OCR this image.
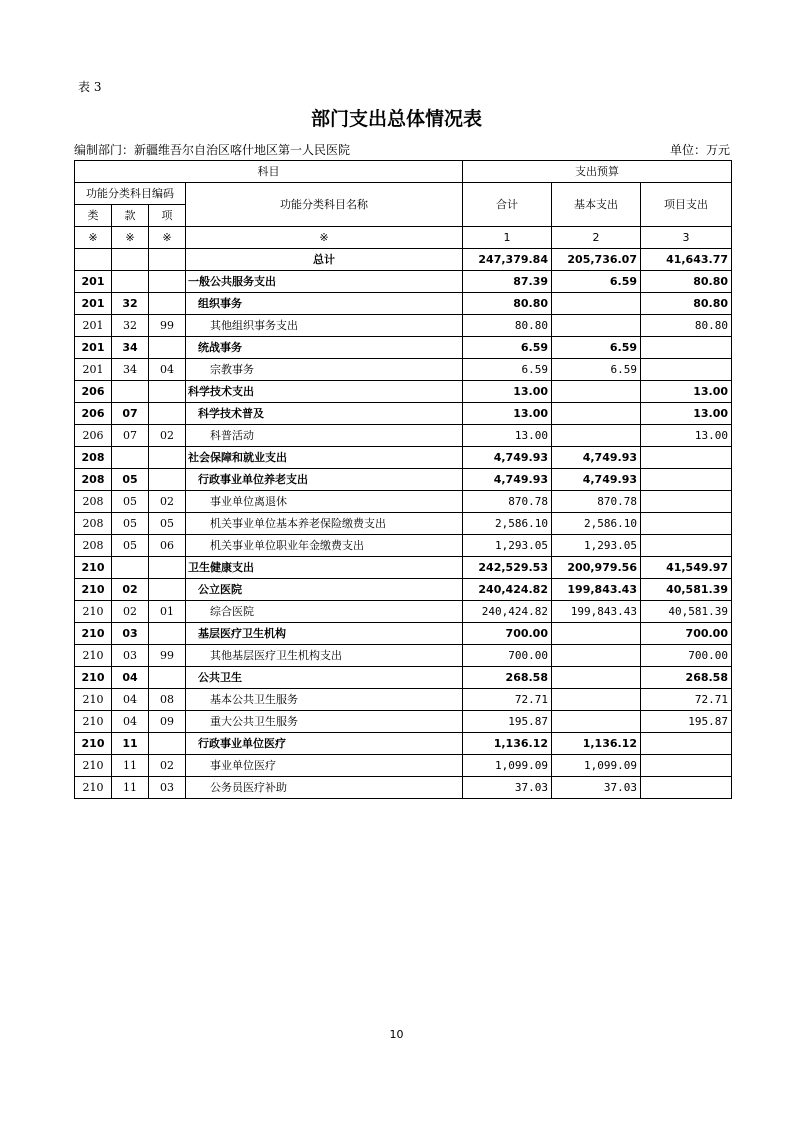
表 3
部门支出总体情况表
编制部门：新疆维吾尔自治区喀什地区第一人民医院	单位：万元
科目				支出预算		
功能分类科目编码			功能分类科目名称	合计	基本支出	项目支出
类	款	项				
※	※	※	※	1	2	3
			总计	247,379.84	205,736.07	41,643.77
201			一般公共服务支出	87.39	6.59	80.80
201	32		组织事务	80.80		80.80
201	32	99	其他组织事务支出	80.80		80.80
201	34		统战事务	6.59	6.59	
201	34	04	宗教事务	6.59	6.59	
206			科学技术支出	13.00		13.00
206	07		科学技术普及	13.00		13.00
206	07	02	科普活动	13.00		13.00
208			社会保障和就业支出	4,749.93	4,749.93	
208	05		行政事业单位养老支出	4,749.93	4,749.93	
208	05	02	事业单位离退休	870.78	870.78	
208	05	05	机关事业单位基本养老保险缴费支出	2,586.10	2,586.10	
208	05	06	机关事业单位职业年金缴费支出	1,293.05	1,293.05	
210			卫生健康支出	242,529.53	200,979.56	41,549.97
210	02		公立医院	240,424.82	199,843.43	40,581.39
210	02	01	综合医院	240,424.82	199,843.43	40,581.39
210	03		基层医疗卫生机构	700.00		700.00
210	03	99	其他基层医疗卫生机构支出	700.00		700.00
210	04		公共卫生	268.58		268.58
210	04	08	基本公共卫生服务	72.71		72.71
210	04	09	重大公共卫生服务	195.87		195.87
210	11		行政事业单位医疗	1,136.12	1,136.12	
210	11	02	事业单位医疗	1,099.09	1,099.09	
210	11	03	公务员医疗补助	37.03	37.03	
10
